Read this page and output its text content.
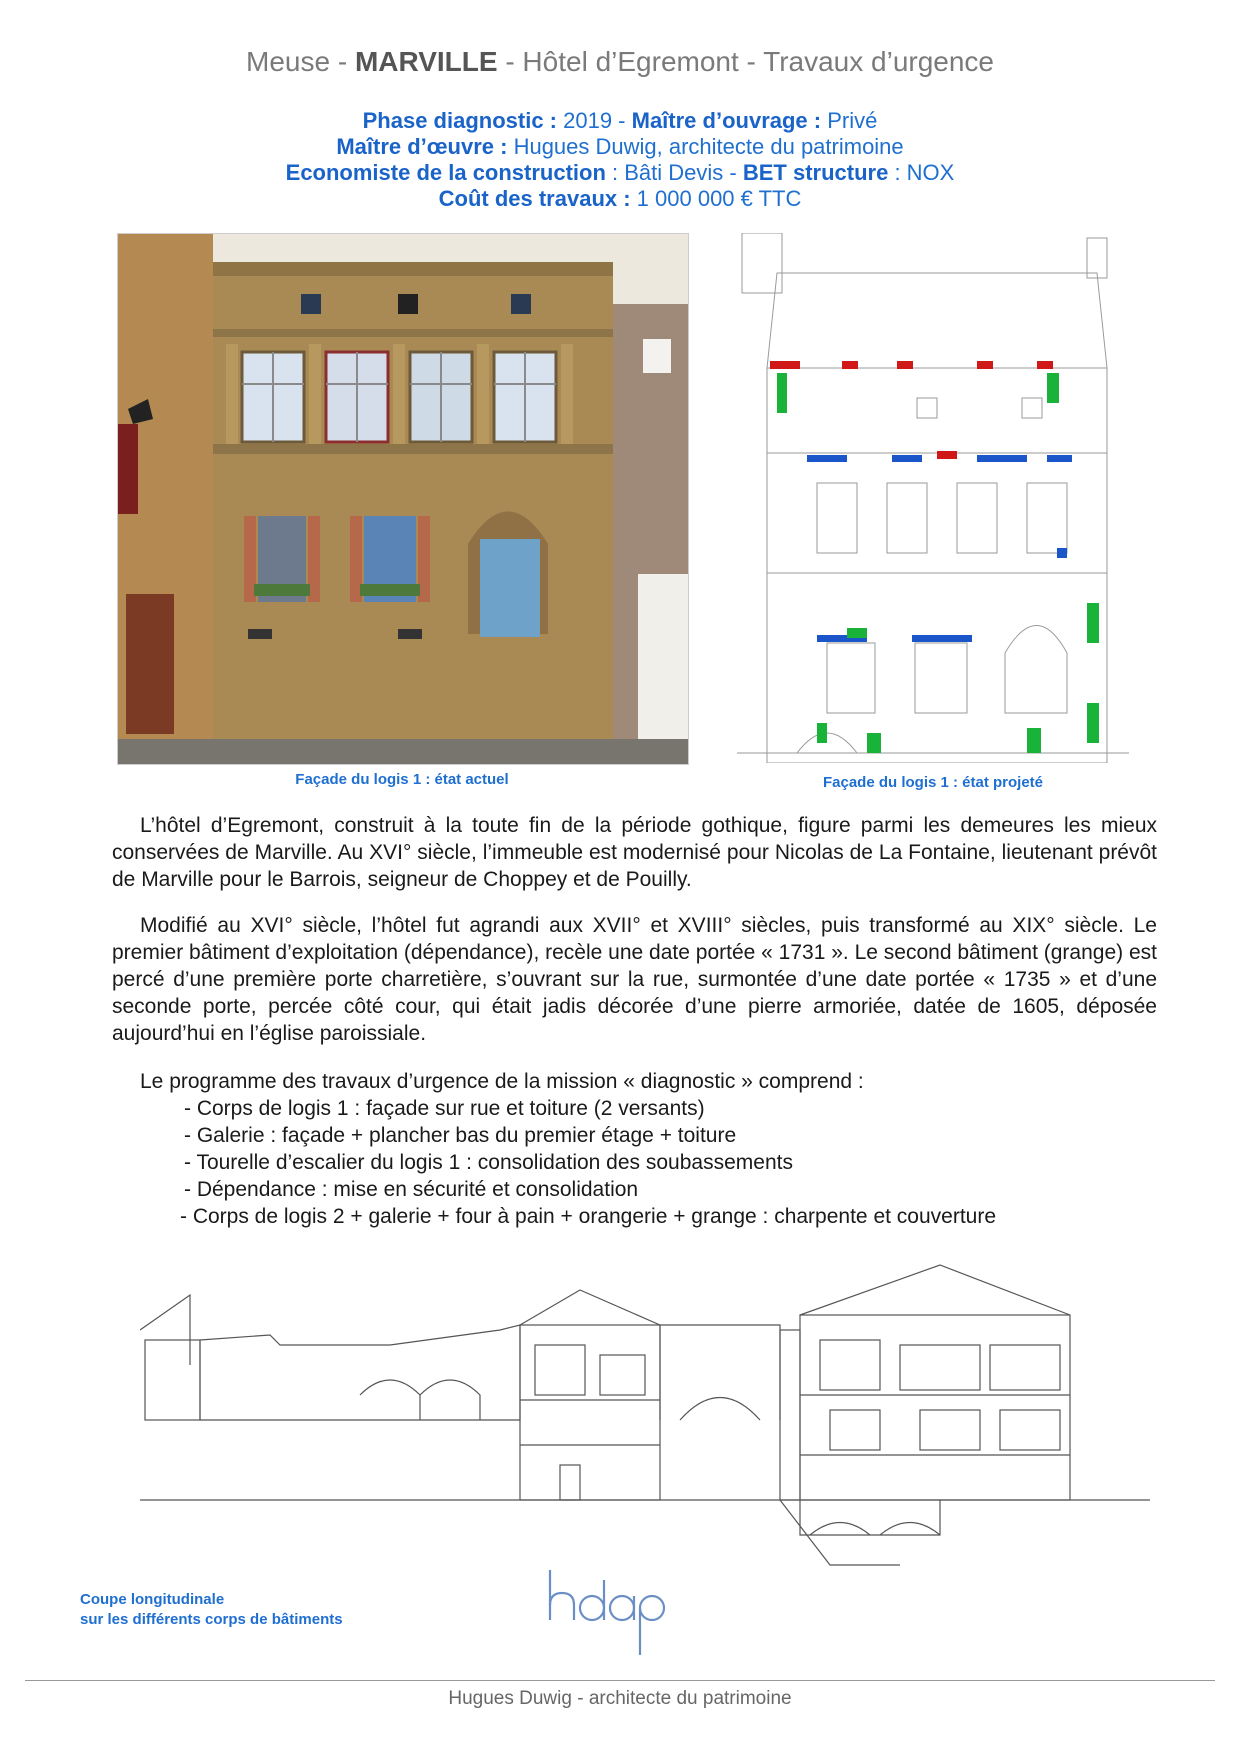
Meuse - MARVILLE - Hôtel d’Egremont - Travaux d’urgence
Phase diagnostic : 2019 - Maître d’ouvrage : Privé
Maître d’œuvre : Hugues Duwig, architecte du patrimoine
Economiste de la construction : Bâti Devis - BET structure : NOX
Coût des travaux : 1 000 000 € TTC
Façade du logis 1 : état actuel	Façade du logis 1 : état projeté
L’hôtel d’Egremont, construit à la toute fin de la période gothique, figure parmi les demeures les mieux conservées de Marville. Au XVI° siècle, l’immeuble est modernisé pour Nicolas de La Fontaine, lieutenant prévôt de Marville pour le Barrois, seigneur de Choppey et de Pouilly.
Modifié au XVI° siècle, l’hôtel fut agrandi aux XVII° et XVIII° siècles, puis transformé au XIX° siècle. Le premier bâtiment d’exploitation (dépendance), recèle une date portée « 1731 ». Le second bâtiment (grange) est percé d’une première porte charretière, s’ouvrant sur la rue, surmontée d’une date portée « 1735 » et d’une seconde porte, percée côté cour, qui était jadis décorée d’une pierre armoriée, datée de 1605, déposée aujourd’hui en l’église paroissiale.
Le programme des travaux d’urgence de la mission « diagnostic » comprend :
- Corps de logis 1 : façade sur rue et toiture (2 versants)
- Galerie : façade + plancher bas du premier étage + toiture
- Tourelle d’escalier du logis 1 : consolidation des soubassements
- Dépendance : mise en sécurité et consolidation
- Corps de logis 2 + galerie + four à pain + orangerie + grange : charpente et couverture
Coupe longitudinale
sur les différents corps de bâtiments
Hugues Duwig - architecte du patrimoine
